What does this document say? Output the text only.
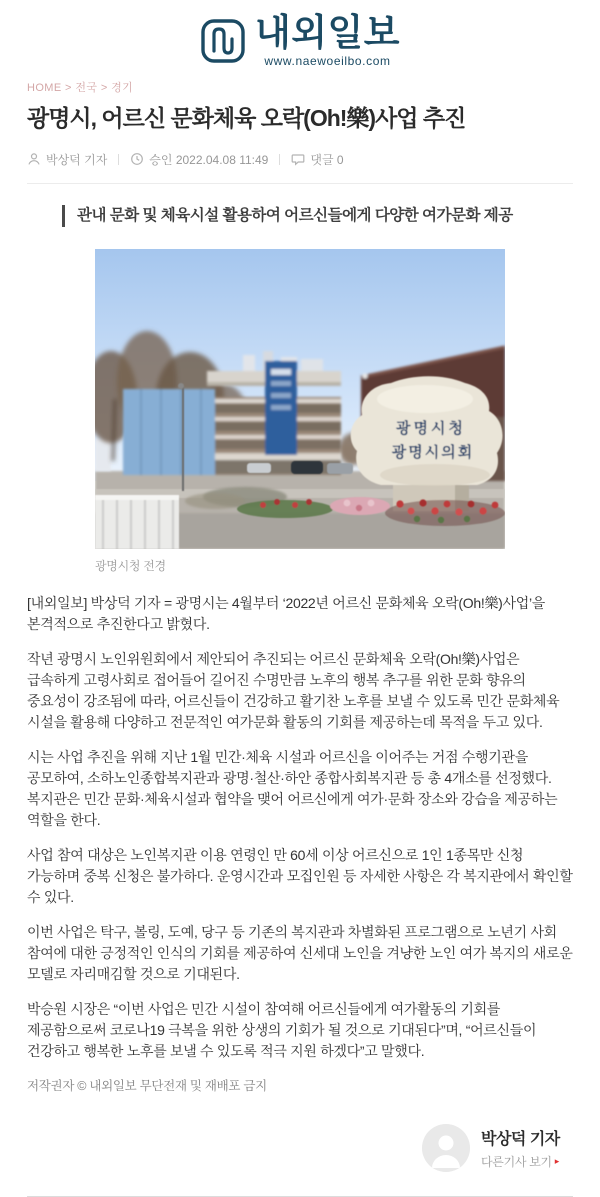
내외일보
www.naewoeilbo.com
HOME > 전국 > 경기
광명시, 어르신 문화체육 오락(Oh!樂)사업 추진
박상덕 기자	승인 2022.04.08 11:49	댓글 0
관내 문화 및 체육시설 활용하여 어르신들에게 다양한 여가문화 제공
광명시청
광명시의회
광명시청 전경

[내외일보] 박상덕 기자 = 광명시는 4월부터 ‘2022년 어르신 문화체육 오락(Oh!樂)사업’을 본격적으로 추진한다고 밝혔다.

작년 광명시 노인위원회에서 제안되어 추진되는 어르신 문화체육 오락(Oh!樂)사업은 급속하게 고령사회로 접어들어 길어진 수명만큼 노후의 행복 추구를 위한 문화 향유의 중요성이 강조됨에 따라, 어르신들이 건강하고 활기찬 노후를 보낼 수 있도록 민간 문화체육 시설을 활용해 다양하고 전문적인 여가문화 활동의 기회를 제공하는데 목적을 두고 있다.

시는 사업 추진을 위해 지난 1월 민간·체육 시설과 어르신을 이어주는 거점 수행기관을 공모하여, 소하노인종합복지관과 광명·철산·하안 종합사회복지관 등 총 4개소를 선정했다. 복지관은 민간 문화·체육시설과 협약을 맺어 어르신에게 여가·문화 장소와 강습을 제공하는 역할을 한다.

사업 참여 대상은 노인복지관 이용 연령인 만 60세 이상 어르신으로 1인 1종목만 신청 가능하며 중복 신청은 불가하다. 운영시간과 모집인원 등 자세한 사항은 각 복지관에서 확인할 수 있다.

이번 사업은 탁구, 볼링, 도예, 당구 등 기존의 복지관과 차별화된 프로그램으로 노년기 사회 참여에 대한 긍정적인 인식의 기회를 제공하여 신세대 노인을 겨냥한 노인 여가 복지의 새로운 모델로 자리매김할 것으로 기대된다.

박승원 시장은 “이번 사업은 민간 시설이 참여해 어르신들에게 여가활동의 기회를 제공함으로써 코로나19 극복을 위한 상생의 기회가 될 것으로 기대된다”며, “어르신들이 건강하고 행복한 노후를 보낼 수 있도록 적극 지원 하겠다”고 말했다.

저작권자 © 내외일보 무단전재 및 재배포 금지
박상덕 기자
다른기사 보기 ▸
